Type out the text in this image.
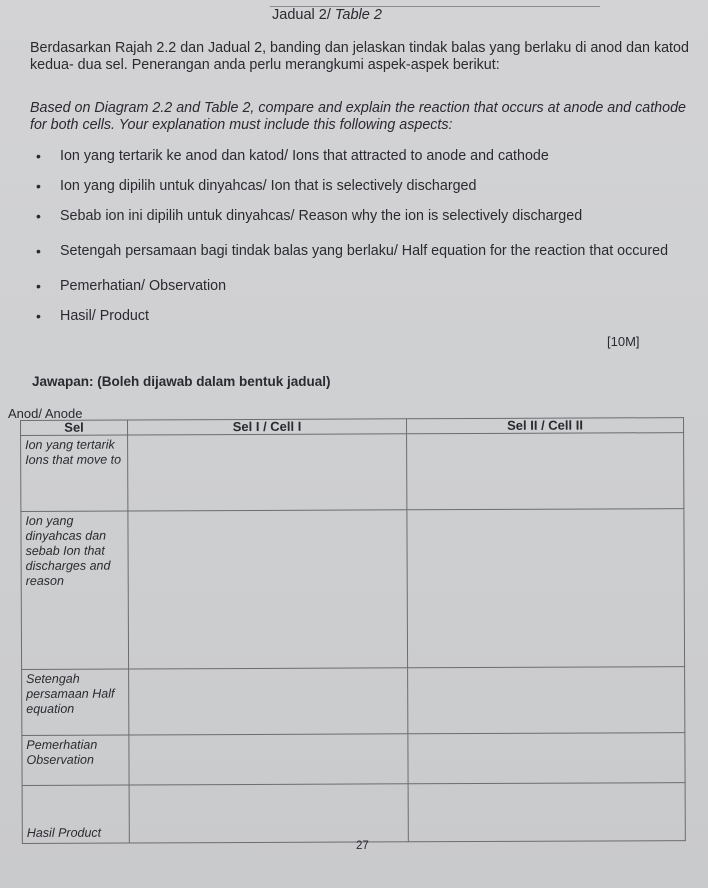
Jadual 2/ Table 2

Berdasarkan Rajah 2.2 dan Jadual 2, banding dan jelaskan tindak balas yang berlaku di anod dan katod kedua- dua sel. Penerangan anda perlu merangkumi aspek-aspek berikut:

Based on Diagram 2.2 and Table 2, compare and explain the reaction that occurs at anode and cathode for both cells. Your explanation must include this following aspects:

• Ion yang tertarik ke anod dan katod/ Ions that attracted to anode and cathode
• Ion yang dipilih untuk dinyahcas/ Ion that is selectively discharged
• Sebab ion ini dipilih untuk dinyahcas/ Reason why the ion is selectively discharged
• Setengah persamaan bagi tindak balas yang berlaku/ Half equation for the reaction that occured
• Pemerhatian/ Observation
• Hasil/ Product
[10M]
Jawapan: (Boleh dijawab dalam bentuk jadual)
Anod/ Anode
Sel	Sel I / Cell I	Sel II / Cell II
Ion yang tertarik Ions that move to		
Ion yang dinyahcas dan sebab Ion that discharges and reason		
Setengah persamaan Half equation		
Pemerhatian Observation		
Hasil Product		
27
